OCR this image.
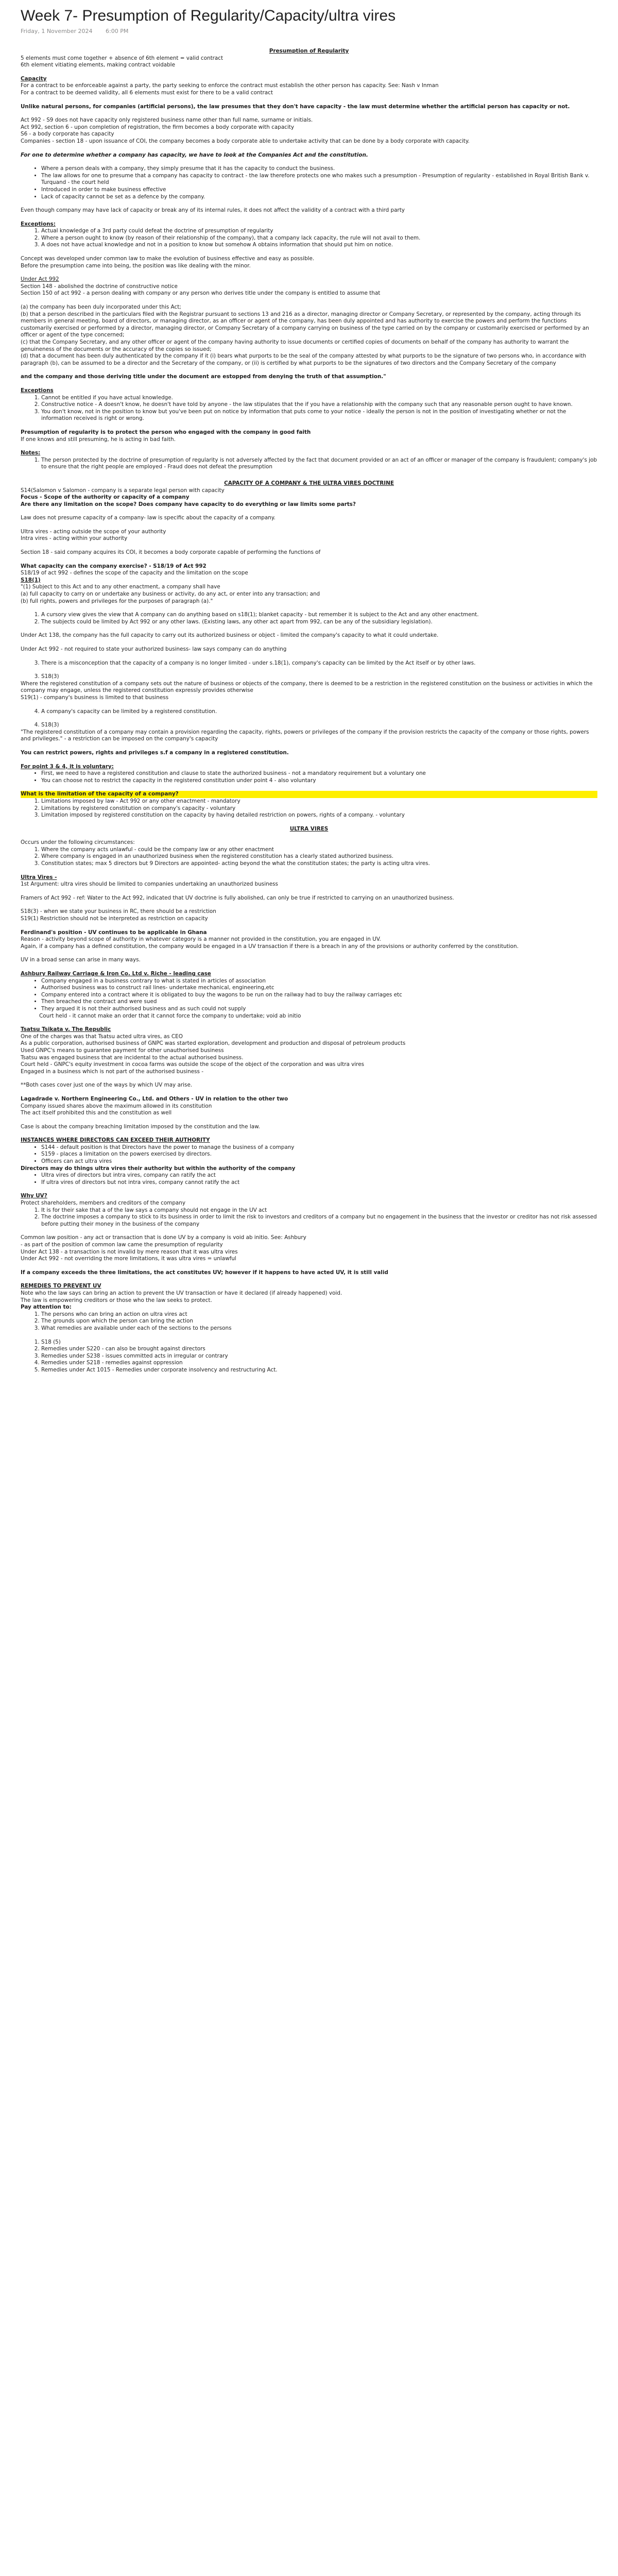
Week 7- Presumption of Regularity/Capacity/ultra vires
Friday, 1 November 2024 6:00 PM

Presumption of Regularity

5 elements must come together + absence of 6th element = valid contract

6th element vitiating elements, making contract voidable

Capacity

For a contract to be enforceable against a party, the party seeking to enforce the contract must establish the other person has capacity. See: Nash v Inman

For a contract to be deemed validity, all 6 elements must exist for there to be a valid contract

Unlike natural persons, for companies (artificial persons), the law presumes that they don't have capacity - the law must determine whether the artificial person has capacity or not.

Act 992 - S9 does not have capacity only registered business name other than full name, surname or initials.

Act 992, section 6 - upon completion of registration, the firm becomes a body corporate with capacity

S6 - a body corporate has capacity

Companies - section 18 - upon issuance of COI, the company becomes a body corporate able to undertake activity that can be done by a body corporate with capacity.

For one to determine whether a company has capacity, we have to look at the Companies Act and the constitution.

• Where a person deals with a company, they simply presume that it has the capacity to conduct the business.
• The law allows for one to presume that a company has capacity to contract - the law therefore protects one who makes such a presumption - Presumption of regularity - established in Royal British Bank v. Turquand - the court held
• Introduced in order to make business effective
• Lack of capacity cannot be set as a defence by the company.

Even though company may have lack of capacity or break any of its internal rules, it does not affect the validity of a contract with a third party

Exceptions:

1. Actual knowledge of a 3rd party could defeat the doctrine of presumption of regularity
2. Where a person ought to know (by reason of their relationship of the company), that a company lack capacity, the rule will not avail to them.
3. A does not have actual knowledge and not in a position to know but somehow A obtains information that should put him on notice.

Concept was developed under common law to make the evolution of business effective and easy as possible.

Before the presumption came into being, the position was like dealing with the minor.

Under Act 992

Section 148 - abolished the doctrine of constructive notice

Section 150 of act 992 - a person dealing with company or any person who derives title under the company is entitled to assume that

(a) the company has been duly incorporated under this Act;

(b) that a person described in the particulars filed with the Registrar pursuant to sections 13 and 216 as a director, managing director or Company Secretary, or represented by the company, acting through its members in general meeting, board of directors, or managing director, as an officer or agent of the company, has been duly appointed and has authority to exercise the powers and perform the functions customarily exercised or performed by a director, managing director, or Company Secretary of a company carrying on business of the type carried on by the company or customarily exercised or performed by an officer or agent of the type concerned;

(c) that the Company Secretary, and any other officer or agent of the company having authority to issue documents or certified copies of documents on behalf of the company has authority to warrant the genuineness of the documents or the accuracy of the copies so issued;

(d) that a document has been duly authenticated by the company if it (i) bears what purports to be the seal of the company attested by what purports to be the signature of two persons who, in accordance with paragraph (b), can be assumed to be a director and the Secretary of the company, or (ii) is certified by what purports to be the signatures of two directors and the Company Secretary of the company

and the company and those deriving title under the document are estopped from denying the truth of that assumption."

Exceptions

1. Cannot be entitled if you have actual knowledge.
2. Constructive notice - A doesn't know, he doesn't have told by anyone - the law stipulates that the if you have a relationship with the company such that any reasonable person ought to have known.
3. You don't know, not in the position to know but you've been put on notice by information that puts come to your notice - ideally the person is not in the position of investigating whether or not the information received is right or wrong.

Presumption of regularity is to protect the person who engaged with the company in good faith

If one knows and still presuming, he is acting in bad faith.

Notes:

1. The person protected by the doctrine of presumption of regularity is not adversely affected by the fact that document provided or an act of an officer or manager of the company is fraudulent; company's job to ensure that the right people are employed - Fraud does not defeat the presumption

CAPACITY OF A COMPANY & THE ULTRA VIRES DOCTRINE

S14(Salomon v Salomon - company is a separate legal person with capacity

Focus - Scope of the authority or capacity of a company

Are there any limitation on the scope? Does company have capacity to do everything or law limits some parts?

Law does not presume capacity of a company- law is specific about the capacity of a company.

Ultra vires - acting outside the scope of your authority

Intra vires - acting within your authority

Section 18 - said company acquires its COI, it becomes a body corporate capable of performing the functions of

What capacity can the company exercise? - S18/19 of Act 992

S18/19 of act 992 - defines the scope of the capacity and the limitation on the scope

S18(1)

"(1) Subject to this Act and to any other enactment, a company shall have

(a) full capacity to carry on or undertake any business or activity, do any act, or enter into any transaction; and

(b) full rights, powers and privileges for the purposes of paragraph (a)."

1. A cursory view gives the view that A company can do anything based on s18(1); blanket capacity - but remember it is subject to the Act and any other enactment.
2. The subjects could be limited by Act 992 or any other laws. (Existing laws, any other act apart from 992, can be any of the subsidiary legislation).

Under Act 138, the company has the full capacity to carry out its authorized business or object - limited the company's capacity to what it could undertake.

Under Act 992 - not required to state your authorized business- law says company can do anything

3. There is a misconception that the capacity of a company is no longer limited - under s.18(1), company's capacity can be limited by the Act itself or by other laws.
3. S18(3)

Where the registered constitution of a company sets out the nature of business or objects of the company, there is deemed to be a restriction in the registered constitution on the business or activities in which the company may engage, unless the registered constitution expressly provides otherwise

S19(1) - company's business is limited to that business

4. A company's capacity can be limited by a registered constitution.
4. S18(3)

"The registered constitution of a company may contain a provision regarding the capacity, rights, powers or privileges of the company if the provision restricts the capacity of the company or those rights, powers and privileges." - a restriction can be imposed on the company's capacity

You can restrict powers, rights and privileges s.f a company in a registered constitution.

For point 3 & 4, it is voluntary:

• First, we need to have a registered constitution and clause to state the authorized business - not a mandatory requirement but a voluntary one
• You can choose not to restrict the capacity in the registered constitution under point 4 - also voluntary

What is the limitation of the capacity of a company?

1. Limitations imposed by law - Act 992 or any other enactment - mandatory
2. Limitations by registered constitution on company's capacity - voluntary
3. Limitation imposed by registered constitution on the capacity by having detailed restriction on powers, rights of a company. - voluntary

ULTRA VIRES

Occurs under the following circumstances:

1. Where the company acts unlawful - could be the company law or any other enactment
2. Where company is engaged in an unauthorized business when the registered constitution has a clearly stated authorized business.
3. Constitution states; max 5 directors but 9 Directors are appointed- acting beyond the what the constitution states; the party is acting ultra vires.

Ultra Vires -

1st Argument: ultra vires should be limited to companies undertaking an unauthorized business

Framers of Act 992 - ref: Water to the Act 992, indicated that UV doctrine is fully abolished, can only be true if restricted to carrying on an unauthorized business.

S18(3) - when we state your business in RC, there should be a restriction

S19(1) Restriction should not be interpreted as restriction on capacity

Ferdinand's position - UV continues to be applicable in Ghana

Reason - activity beyond scope of authority in whatever category is a manner not provided in the constitution, you are engaged in UV.

Again, if a company has a defined constitution, the company would be engaged in a UV transaction if there is a breach in any of the provisions or authority conferred by the constitution.

UV in a broad sense can arise in many ways.

Ashbury Railway Carriage & Iron Co. Ltd v. Riche - leading case

• Company engaged in a business contrary to what is stated in articles of association
• Authorised business was to construct rail lines- undertake mechanical, engineering,etc
• Company entered into a contract where it is obligated to buy the wagons to be run on the railway had to buy the railway carriages etc
• Then breached the contract and were sued
• They argued it is not their authorised business and as such could not supply

Court held - it cannot make an order that it cannot force the company to undertake; void ab initio

Tsatsu Tsikata v. The Republic

One of the charges was that Tsatsu acted ultra vires, as CEO

As a public corporation, authorised business of GNPC was started exploration, development and production and disposal of petroleum products

Used GNPC's means to guarantee payment for other unauthorised business

Tsatsu was engaged business that are incidental to the actual authorised business.

Court held - GNPC's equity investment in cocoa farms was outside the scope of the object of the corporation and was ultra vires

Engaged in a business which is not part of the authorised business -

**Both cases cover just one of the ways by which UV may arise.

Lagadrade v. Northern Engineering Co., Ltd. and Others - UV in relation to the other two

Company issued shares above the maximum allowed in its constitution

The act itself prohibited this and the constitution as well

Case is about the company breaching limitation imposed by the constitution and the law.

INSTANCES WHERE DIRECTORS CAN EXCEED THEIR AUTHORITY

• S144 - default position is that Directors have the power to manage the business of a company
• S159 - places a limitation on the powers exercised by directors.
• Officers can act ultra vires

Directors may do things ultra vires their authority but within the authority of the company

• Ultra vires of directors but intra vires, company can ratify the act
• If ultra vires of directors but not intra vires, company cannot ratify the act

Why UV?

Protect shareholders, members and creditors of the company

1. It is for their sake that a of the law says a company should not engage in the UV act
2. The doctrine imposes a company to stick to its business in order to limit the risk to investors and creditors of a company but no engagement in the business that the investor or creditor has not risk assessed before putting their money in the business of the company

Common law position - any act or transaction that is done UV by a company is void ab initio. See: Ashbury

- as part of the position of common law came the presumption of regularity

Under Act 138 - a transaction is not invalid by mere reason that it was ultra vires

Under Act 992 - not overriding the more limitations, it was ultra vires = unlawful

If a company exceeds the three limitations, the act constitutes UV; however if it happens to have acted UV, it is still valid

REMEDIES TO PREVENT UV

Note who the law says can bring an action to prevent the UV transaction or have it declared (if already happened) void.

The law is empowering creditors or those who the law seeks to protect.

Pay attention to:

1. The persons who can bring an action on ultra vires act
2. The grounds upon which the person can bring the action
3. What remedies are available under each of the sections to the persons
1. S18 (5)
2. Remedies under S220 - can also be brought against directors
3. Remedies under S238 - issues committed acts in irregular or contrary
4. Remedies under S218 - remedies against oppression
5. Remedies under Act 1015 - Remedies under corporate insolvency and restructuring Act.
